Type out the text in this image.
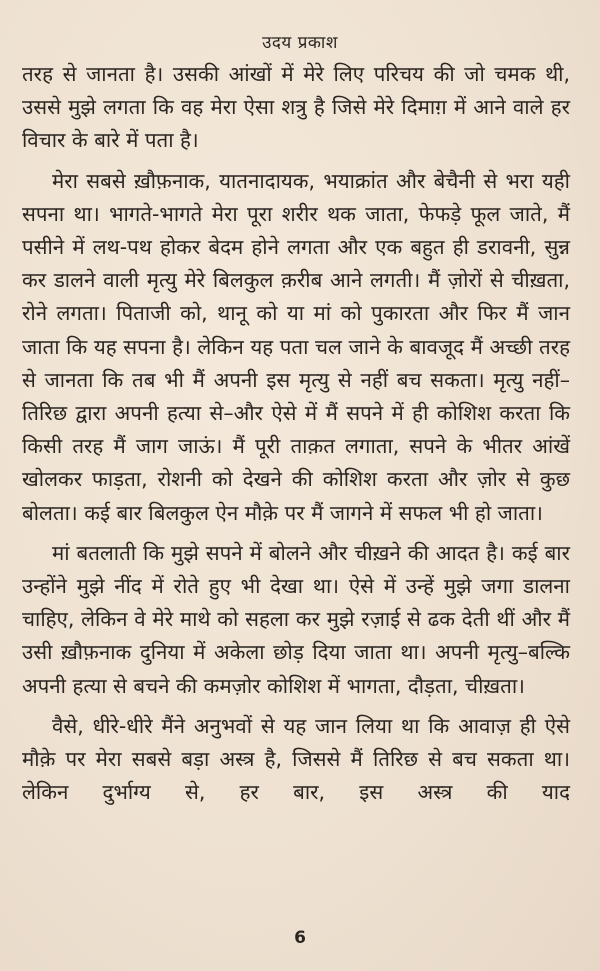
उदय प्रकाश

तरह से जानता है। उसकी आंखों में मेरे लिए परिचय की जो चमक थी, उससे मुझे लगता कि वह मेरा ऐसा शत्रु है जिसे मेरे दिमाग़ में आने वाले हर विचार के बारे में पता है।

मेरा सबसे ख़ौफ़नाक, यातनादायक, भयाक्रांत और बेचैनी से भरा यही सपना था। भागते-भागते मेरा पूरा शरीर थक जाता, फेफड़े फूल जाते, मैं पसीने में लथ-पथ होकर बेदम होने लगता और एक बहुत ही डरावनी, सुन्न कर डालने वाली मृत्यु मेरे बिलकुल क़रीब आने लगती। मैं ज़ोरों से चीख़ता, रोने लगता। पिताजी को, थानू को या मां को पुकारता और फिर मैं जान जाता कि यह सपना है। लेकिन यह पता चल जाने के बावजूद मैं अच्छी तरह से जानता कि तब भी मैं अपनी इस मृत्यु से नहीं बच सकता। मृत्यु नहीं–तिरिछ द्वारा अपनी हत्या से–और ऐसे में मैं सपने में ही कोशिश करता कि किसी तरह मैं जाग जाऊं। मैं पूरी ताक़त लगाता, सपने के भीतर आंखें खोलकर फाड़ता, रोशनी को देखने की कोशिश करता और ज़ोर से कुछ बोलता। कई बार बिलकुल ऐन मौक़े पर मैं जागने में सफल भी हो जाता।

मां बतलाती कि मुझे सपने में बोलने और चीख़ने की आदत है। कई बार उन्होंने मुझे नींद में रोते हुए भी देखा था। ऐसे में उन्हें मुझे जगा डालना चाहिए, लेकिन वे मेरे माथे को सहला कर मुझे रज़ाई से ढक देती थीं और मैं उसी ख़ौफ़नाक दुनिया में अकेला छोड़ दिया जाता था। अपनी मृत्यु–बल्कि अपनी हत्या से बचने की कमज़ोर कोशिश में भागता, दौड़ता, चीख़ता।

वैसे, धीरे-धीरे मैंने अनुभवों से यह जान लिया था कि आवाज़ ही ऐसे मौक़े पर मेरा सबसे बड़ा अस्त्र है, जिससे मैं तिरिछ से बच सकता था। लेकिन दुर्भाग्य से, हर बार, इस अस्त्र की याद

6
